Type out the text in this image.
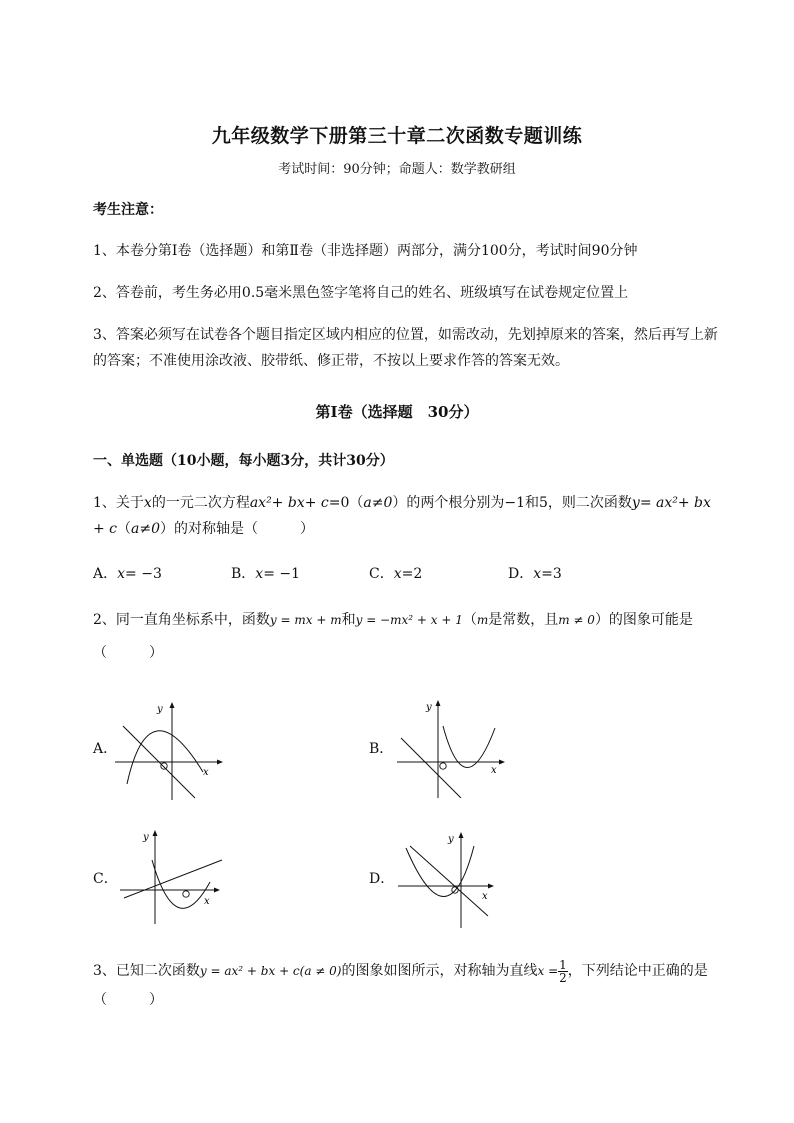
九年级数学下册第三十章二次函数专题训练
考试时间：90分钟；命题人：数学教研组
考生注意：
1、本卷分第I卷（选择题）和第Ⅱ卷（非选择题）两部分，满分100分，考试时间90分钟
2、答卷前，考生务必用0.5毫米黑色签字笔将自己的姓名、班级填写在试卷规定位置上
3、答案必须写在试卷各个题目指定区域内相应的位置，如需改动，先划掉原来的答案，然后再写上新
的答案；不准使用涂改液、胶带纸、修正带，不按以上要求作答的答案无效。
第I卷（选择题　30分）
一、单选题（10小题，每小题3分，共计30分）
1、关于x的一元二次方程ax²+ bx+ c=0（a≠0）的两个根分别为−1和5，则二次函数y= ax²+ bx
+ c（a≠0）的对称轴是（　　　）
A．x= −3	B．x= −1	C．x=2	D．x=3
2、同一直角坐标系中，函数y = mx + m和y = −mx² + x + 1（m是常数，且m ≠ 0）的图象可能是
（　　　）
A．
y
x
B．
y
x
C．
y
x
D．
y
x
3、已知二次函数y = ax² + bx + c(a ≠ 0)的图象如图所示，对称轴为直线$x = \frac{1}{2}$ ，下列结论中正确的是
（　　　）
